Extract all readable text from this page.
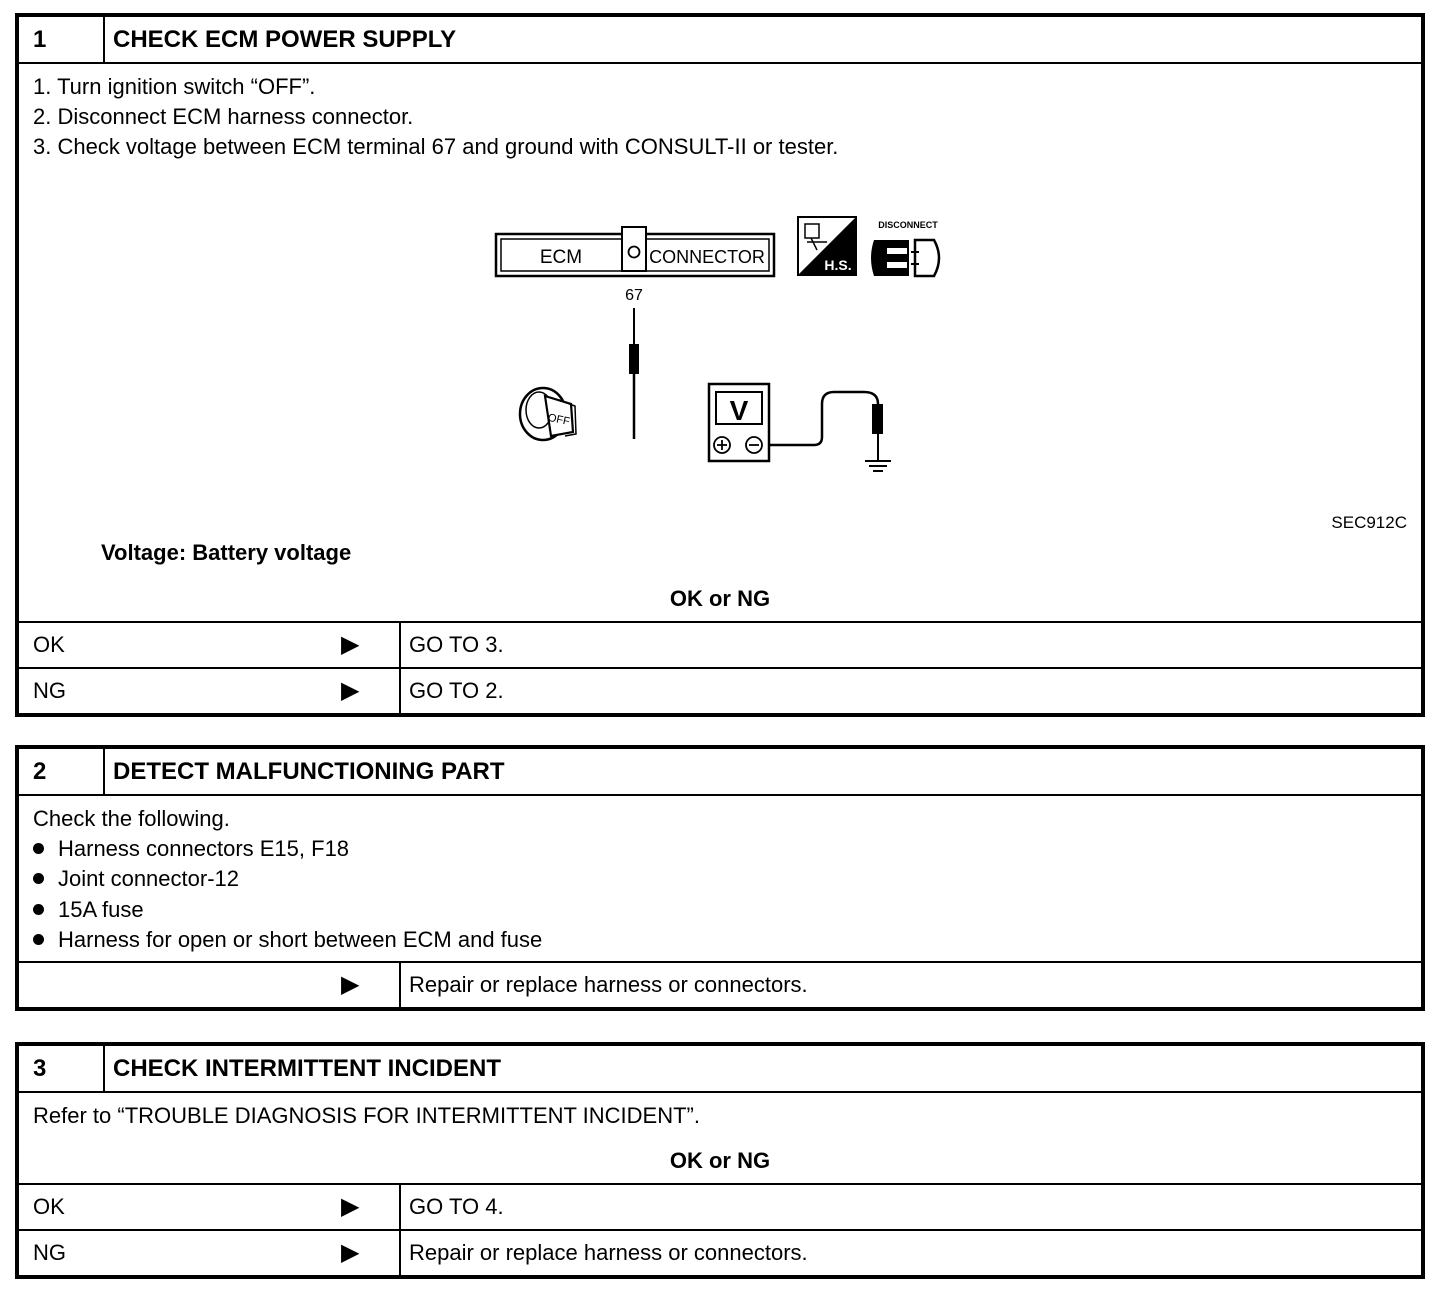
1	CHECK ECM POWER SUPPLY
1. Turn ignition switch “OFF”.
2. Disconnect ECM harness connector.
3. Check voltage between ECM terminal 67 and ground with CONSULT-II or tester.
ECM	CONNECTOR
67
H.S.
DISCONNECT
V
OFF
SEC912C
Voltage: Battery voltage
OK or NG
OK	▶	GO TO 3.
NG	▶	GO TO 2.
2	DETECT MALFUNCTIONING PART
Check the following.
Harness connectors E15, F18
Joint connector-12
15A fuse
Harness for open or short between ECM and fuse
▶	Repair or replace harness or connectors.
3	CHECK INTERMITTENT INCIDENT
Refer to “TROUBLE DIAGNOSIS FOR INTERMITTENT INCIDENT”.
OK or NG
OK	▶	GO TO 4.
NG	▶	Repair or replace harness or connectors.
